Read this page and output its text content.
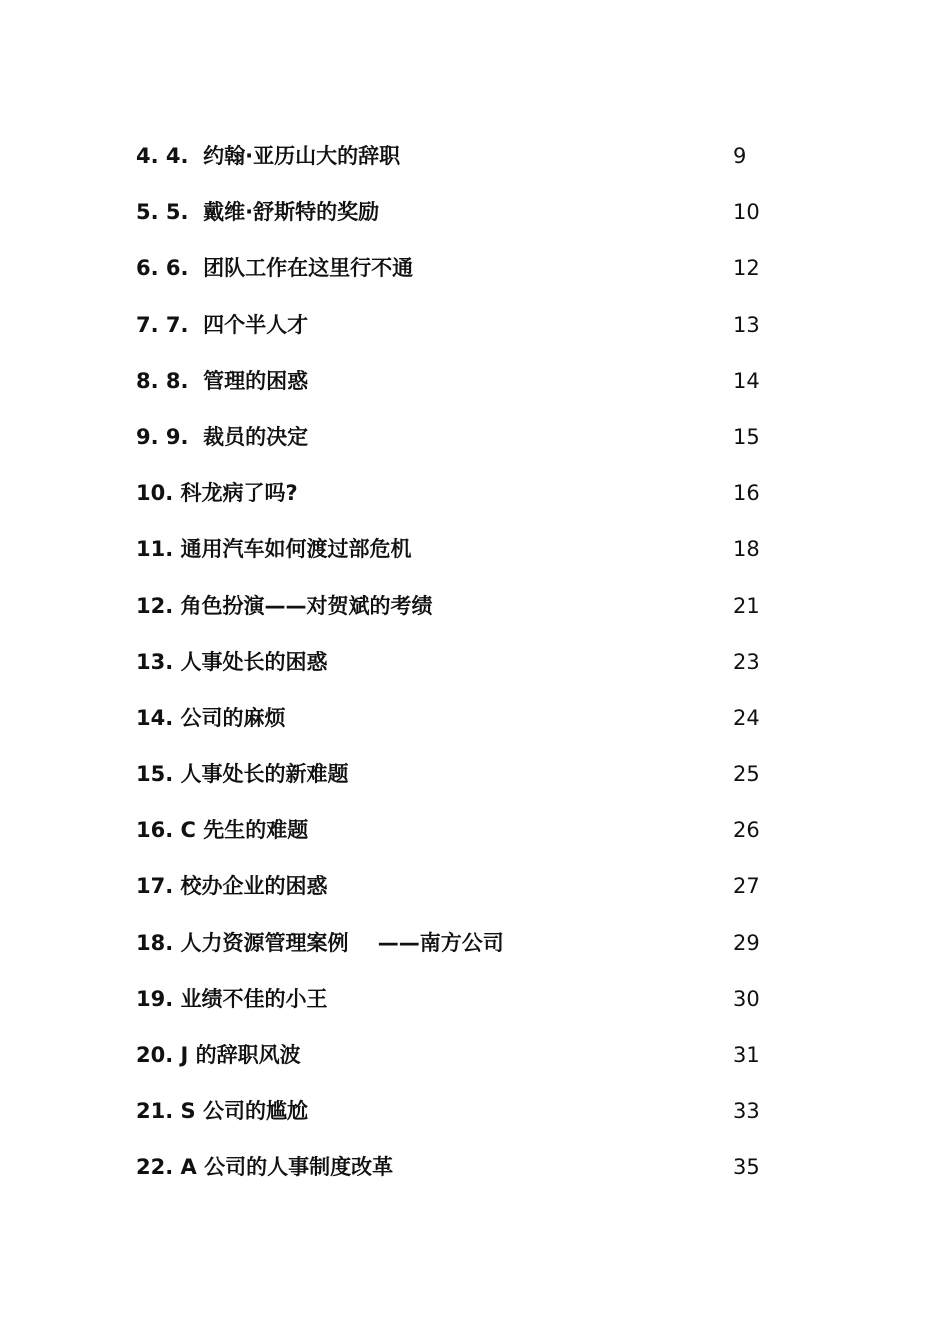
4. 4.  约翰·亚历山大的辞职	9
5. 5.  戴维·舒斯特的奖励	10
6. 6.  团队工作在这里行不通	12
7. 7.  四个半人才	13
8. 8.  管理的困惑	14
9. 9.  裁员的决定	15
10. 科龙病了吗?	16
11. 通用汽车如何渡过部危机	18
12. 角色扮演——对贺斌的考绩	21
13. 人事处长的困惑	23
14. 公司的麻烦	24
15. 人事处长的新难题	25
16. C 先生的难题	26
17. 校办企业的困惑	27
18. 人力资源管理案例    ——南方公司	29
19. 业绩不佳的小王	30
20. J 的辞职风波	31
21. S 公司的尴尬	33
22. A 公司的人事制度改革	35
